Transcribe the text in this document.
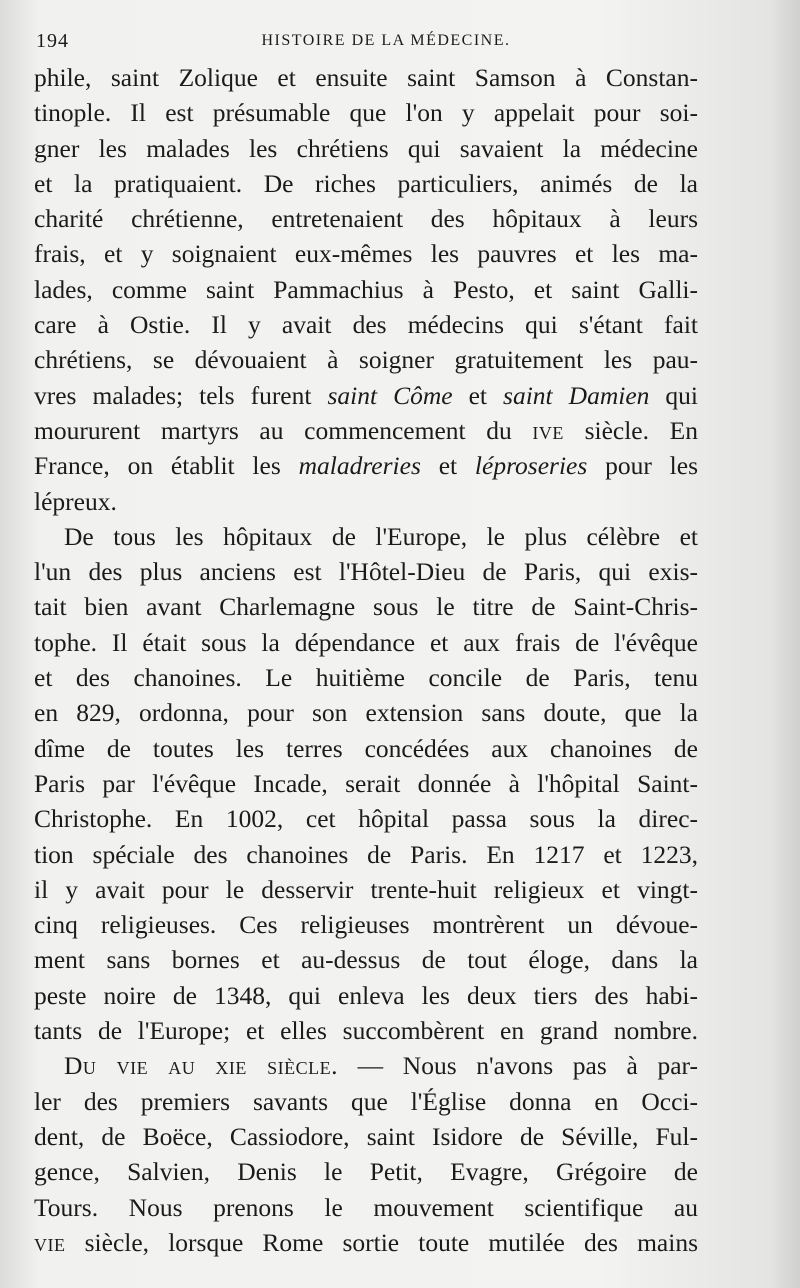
194	HISTOIRE DE LA MÉDECINE.
phile, saint Zolique et ensuite saint Samson à Constan-
tinople. Il est présumable que l'on y appelait pour soi-
gner les malades les chrétiens qui savaient la médecine
et la pratiquaient. De riches particuliers, animés de la
charité chrétienne, entretenaient des hôpitaux à leurs
frais, et y soignaient eux-mêmes les pauvres et les ma-
lades, comme saint Pammachius à Pesto, et saint Galli-
care à Ostie. Il y avait des médecins qui s'étant fait
chrétiens, se dévouaient à soigner gratuitement les pau-
vres malades; tels furent saint Côme et saint Damien qui
moururent martyrs au commencement du ive siècle. En
France, on établit les maladreries et léproseries pour les
lépreux.
De tous les hôpitaux de l'Europe, le plus célèbre et
l'un des plus anciens est l'Hôtel-Dieu de Paris, qui exis-
tait bien avant Charlemagne sous le titre de Saint-Chris-
tophe. Il était sous la dépendance et aux frais de l'évêque
et des chanoines. Le huitième concile de Paris, tenu
en 829, ordonna, pour son extension sans doute, que la
dîme de toutes les terres concédées aux chanoines de
Paris par l'évêque Incade, serait donnée à l'hôpital Saint-
Christophe. En 1002, cet hôpital passa sous la direc-
tion spéciale des chanoines de Paris. En 1217 et 1223,
il y avait pour le desservir trente-huit religieux et vingt-
cinq religieuses. Ces religieuses montrèrent un dévoue-
ment sans bornes et au-dessus de tout éloge, dans la
peste noire de 1348, qui enleva les deux tiers des habi-
tants de l'Europe; et elles succombèrent en grand nombre.
Du vie au xie siècle. — Nous n'avons pas à par-
ler des premiers savants que l'Église donna en Occi-
dent, de Boëce, Cassiodore, saint Isidore de Séville, Ful-
gence, Salvien, Denis le Petit, Evagre, Grégoire de
Tours. Nous prenons le mouvement scientifique au
vie siècle, lorsque Rome sortie toute mutilée des mains
